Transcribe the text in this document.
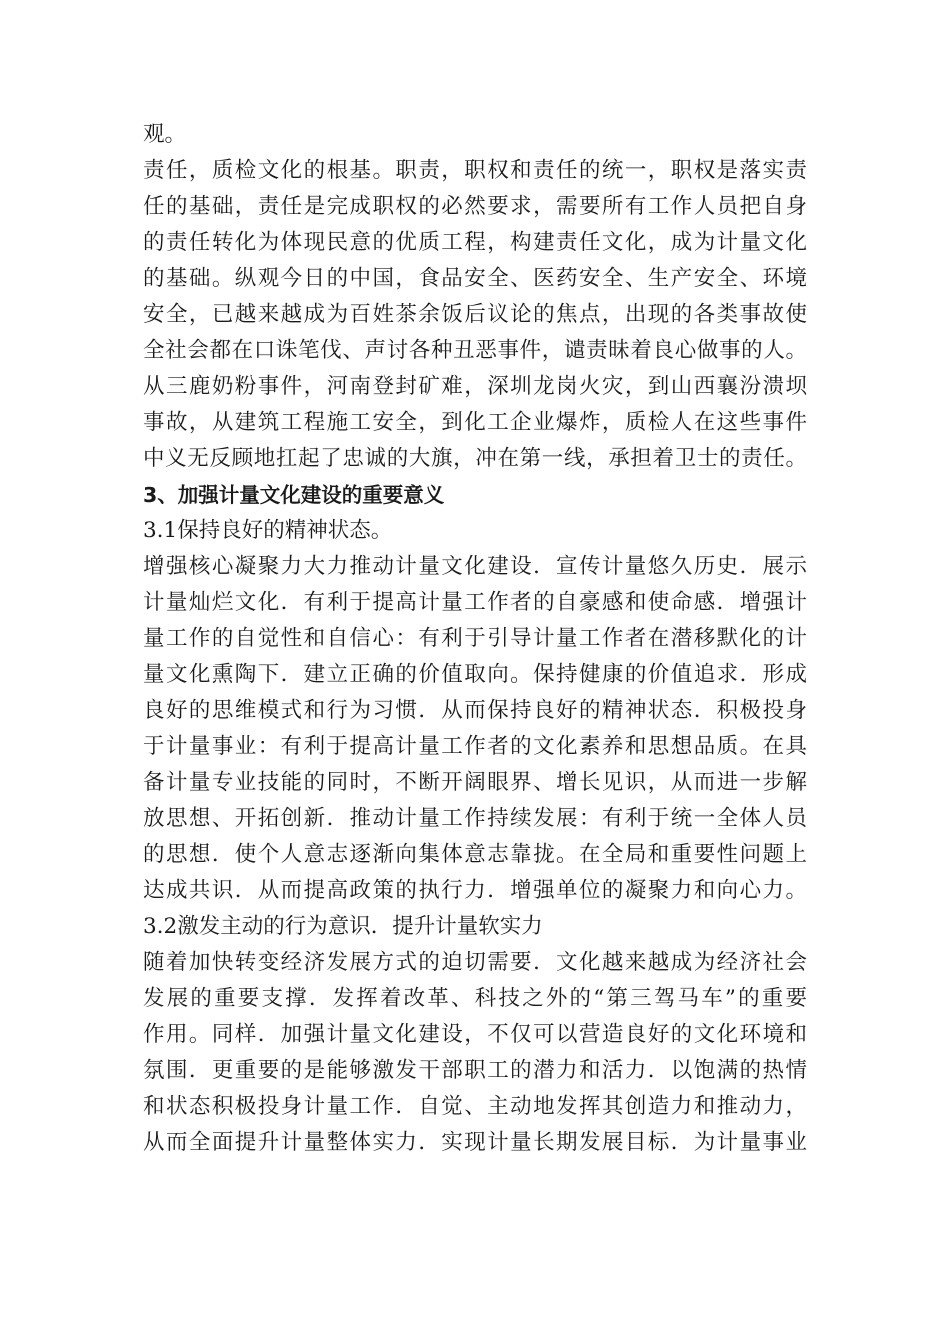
观。
责任，质检文化的根基。职责，职权和责任的统一，职权是落实责
任的基础，责任是完成职权的必然要求，需要所有工作人员把自身
的责任转化为体现民意的优质工程，构建责任文化，成为计量文化
的基础。纵观今日的中国，食品安全、医药安全、生产安全、环境
安全，已越来越成为百姓茶余饭后议论的焦点，出现的各类事故使
全社会都在口诛笔伐、声讨各种丑恶事件，谴责昧着良心做事的人。
从三鹿奶粉事件，河南登封矿难，深圳龙岗火灾，到山西襄汾溃坝
事故，从建筑工程施工安全，到化工企业爆炸，质检人在这些事件
中义无反顾地扛起了忠诚的大旗，冲在第一线，承担着卫士的责任。
3、加强计量文化建设的重要意义
3.1保持良好的精神状态。
增强核心凝聚力大力推动计量文化建设．宣传计量悠久历史．展示
计量灿烂文化．有利于提高计量工作者的自豪感和使命感．增强计
量工作的自觉性和自信心：有利于引导计量工作者在潜移默化的计
量文化熏陶下．建立正确的价值取向。保持健康的价值追求．形成
良好的思维模式和行为习惯．从而保持良好的精神状态．积极投身
于计量事业：有利于提高计量工作者的文化素养和思想品质。在具
备计量专业技能的同时，不断开阔眼界、增长见识，从而进一步解
放思想、开拓创新．推动计量工作持续发展：有利于统一全体人员
的思想．使个人意志逐渐向集体意志靠拢。在全局和重要性问题上
达成共识．从而提高政策的执行力．增强单位的凝聚力和向心力。
3.2激发主动的行为意识．提升计量软实力
随着加快转变经济发展方式的迫切需要．文化越来越成为经济社会
发展的重要支撑．发挥着改革、科技之外的“第三驾马车”的重要
作用。同样．加强计量文化建设，不仅可以营造良好的文化环境和
氛围．更重要的是能够激发干部职工的潜力和活力．以饱满的热情
和状态积极投身计量工作．自觉、主动地发挥其创造力和推动力，
从而全面提升计量整体实力．实现计量长期发展目标．为计量事业
